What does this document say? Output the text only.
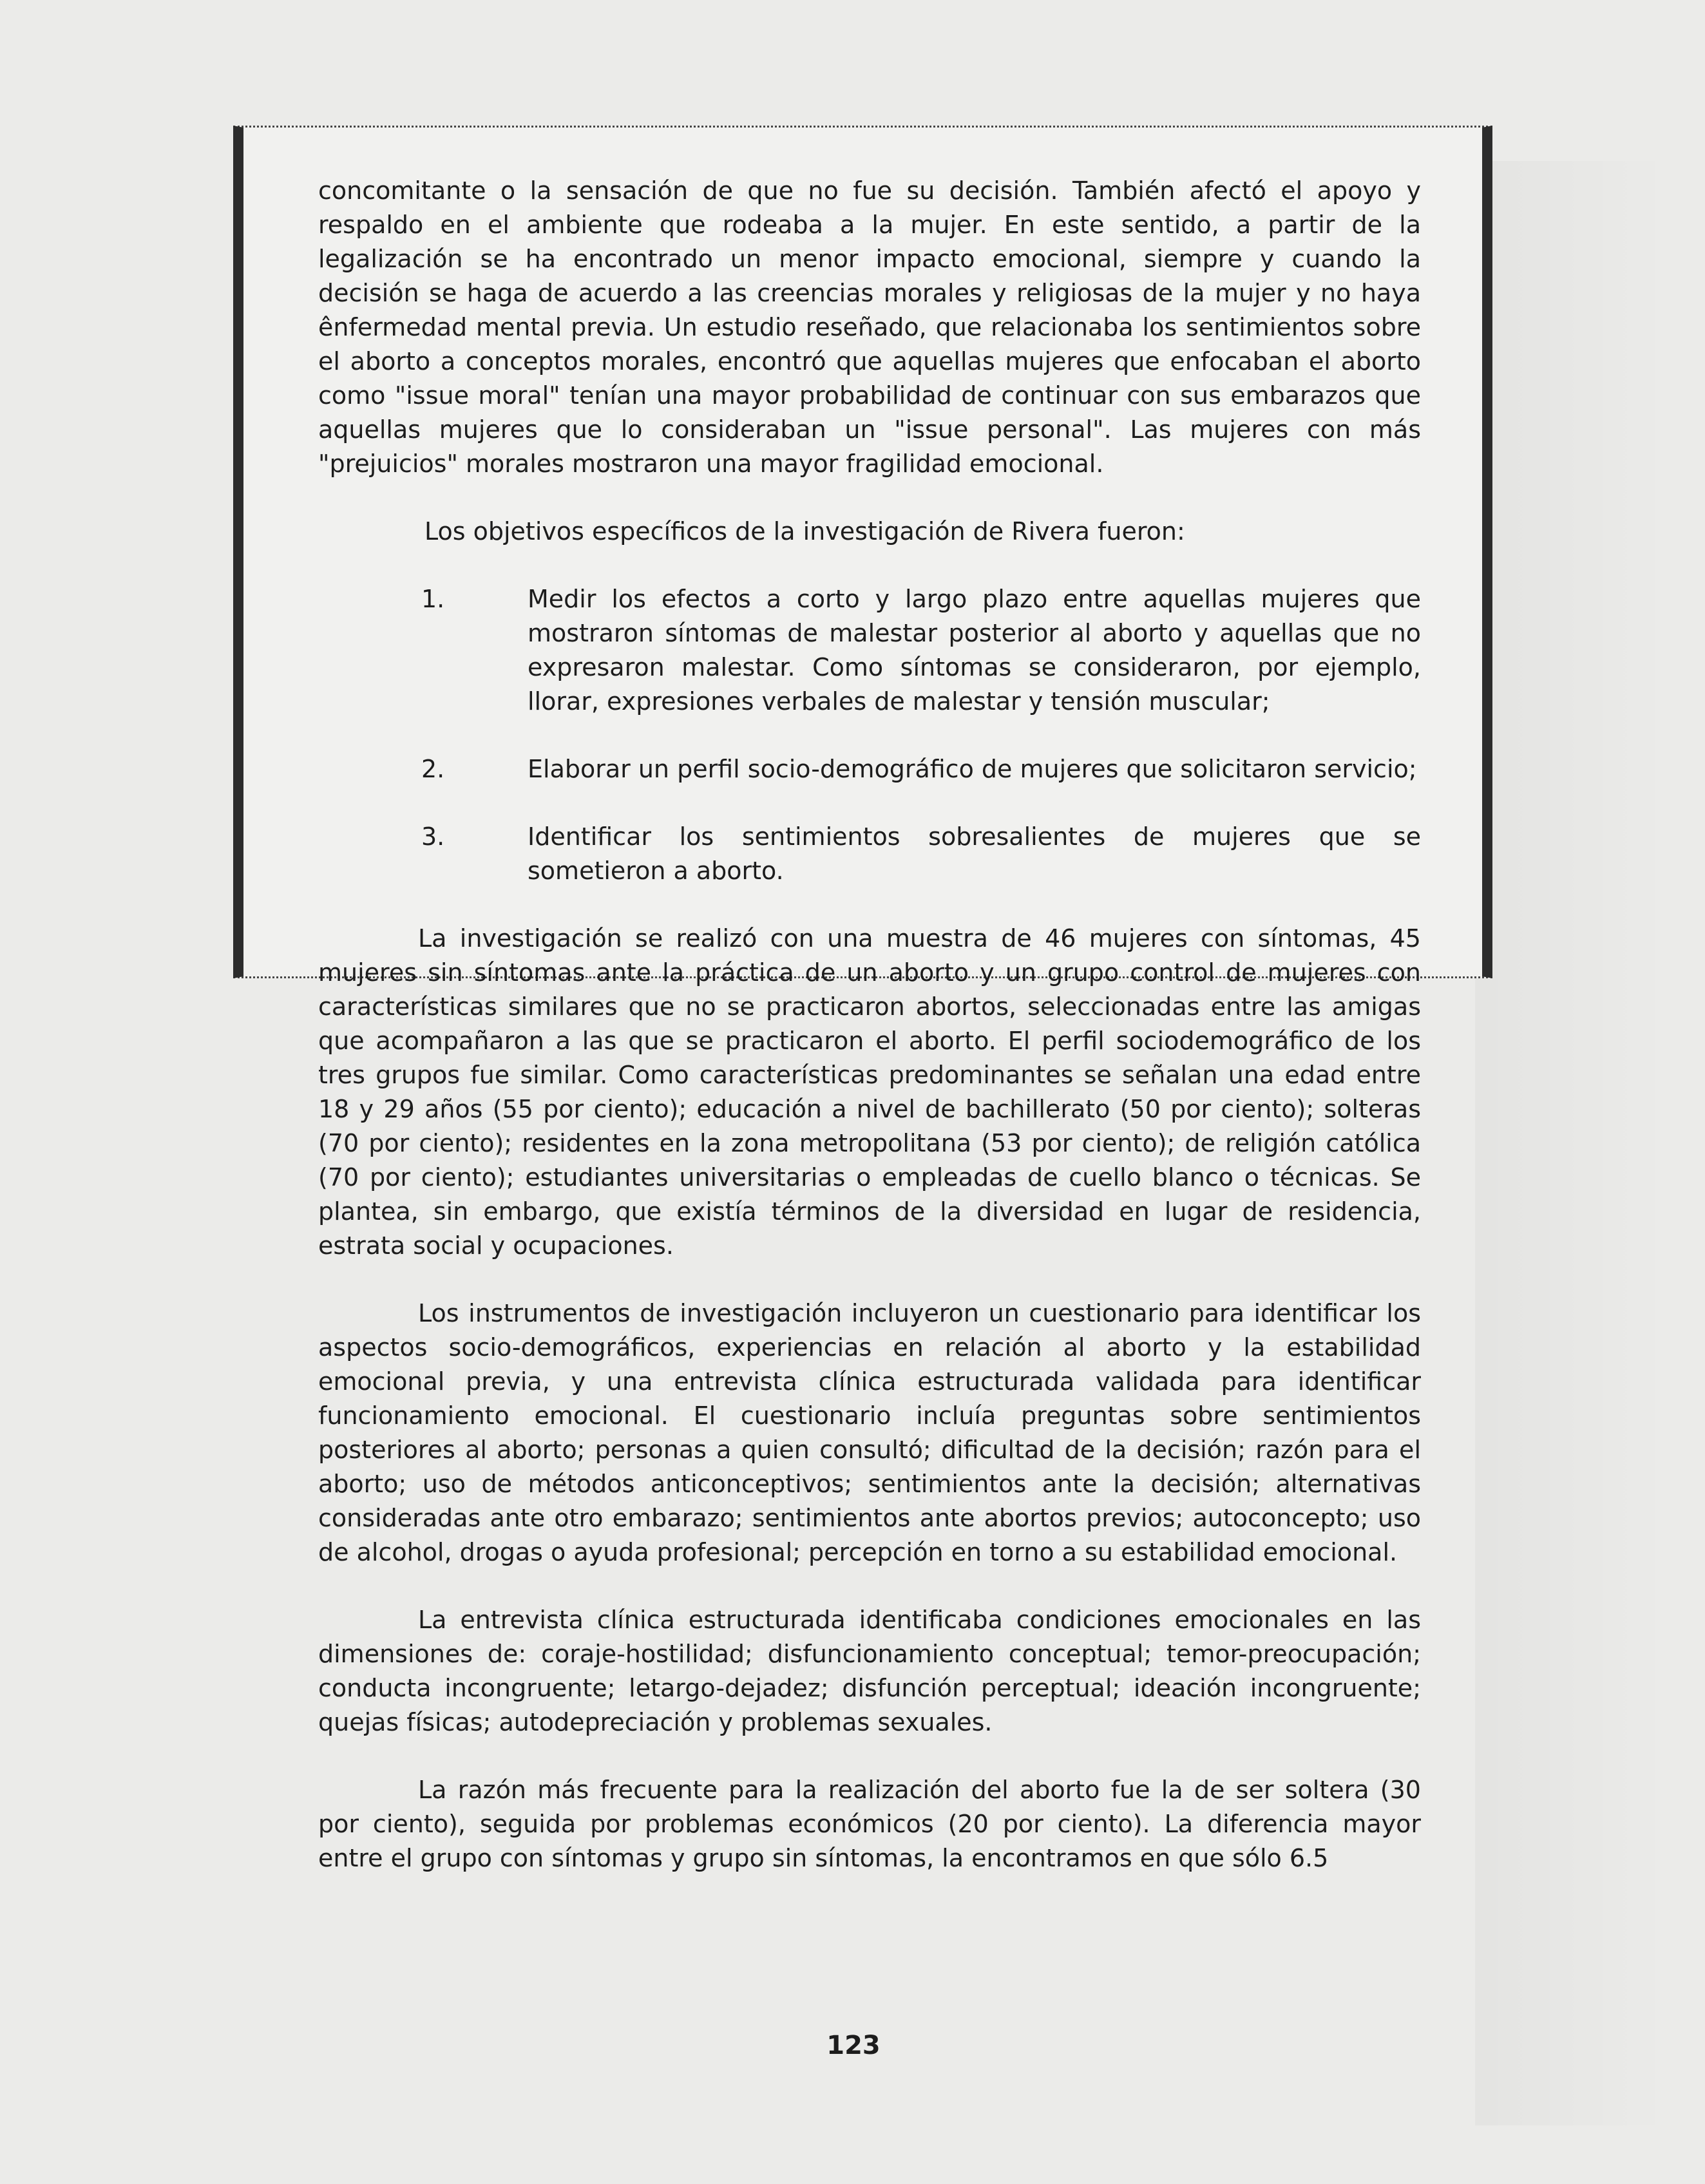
concomitante o la sensación de que no fue su decisión. También afectó el apoyo y respaldo en el ambiente que rodeaba a la mujer. En este sentido, a partir de la legalización se ha encontrado un menor impacto emocional, siempre y cuando la decisión se haga de acuerdo a las creencias morales y religiosas de la mujer y no haya ênfermedad mental previa. Un estudio reseñado, que relacionaba los sentimientos sobre el aborto a conceptos morales, encontró que aquellas mujeres que enfocaban el aborto como "issue moral" tenían una mayor probabilidad de continuar con sus embarazos que aquellas mujeres que lo consideraban un "issue personal". Las mujeres con más "prejuicios" morales mostraron una mayor fragilidad emocional.

Los objetivos específicos de la investigación de Rivera fueron:

1.	Medir los efectos a corto y largo plazo entre aquellas mujeres que mostraron síntomas de malestar posterior al aborto y aquellas que no expresaron malestar. Como síntomas se consideraron, por ejemplo, llorar, expresiones verbales de malestar y tensión muscular;
2.	Elaborar un perfil socio-demográfico de mujeres que solicitaron servicio;
3.	Identificar los sentimientos sobresalientes de mujeres que se sometieron a aborto.

La investigación se realizó con una muestra de 46 mujeres con síntomas, 45 mujeres sin síntomas ante la práctica de un aborto y un grupo control de mujeres con características similares que no se practicaron abortos, seleccionadas entre las amigas que acompañaron a las que se practicaron el aborto. El perfil sociodemográfico de los tres grupos fue similar. Como características predominantes se señalan una edad entre 18 y 29 años (55 por ciento); educación a nivel de bachillerato (50 por ciento); solteras (70 por ciento); residentes en la zona metropolitana (53 por ciento); de religión católica (70 por ciento); estudiantes universitarias o empleadas de cuello blanco o técnicas. Se plantea, sin embargo, que existía términos de la diversidad en lugar de residencia, estrata social y ocupaciones.

Los instrumentos de investigación incluyeron un cuestionario para identificar los aspectos socio-demográficos, experiencias en relación al aborto y la estabilidad emocional previa, y una entrevista clínica estructurada validada para identificar funcionamiento emocional. El cuestionario incluía preguntas sobre sentimientos posteriores al aborto; personas a quien consultó; dificultad de la decisión; razón para el aborto; uso de métodos anticonceptivos; sentimientos ante la decisión; alternativas consideradas ante otro embarazo; sentimientos ante abortos previos; autoconcepto; uso de alcohol, drogas o ayuda profesional; percepción en torno a su estabilidad emocional.

La entrevista clínica estructurada identificaba condiciones emocionales en las dimensiones de: coraje-hostilidad; disfuncionamiento conceptual; temor-preocupación; conducta incongruente; letargo-dejadez; disfunción perceptual; ideación incongruente; quejas físicas; autodepreciación y problemas sexuales.

La razón más frecuente para la realización del aborto fue la de ser soltera (30 por ciento), seguida por problemas económicos (20 por ciento). La diferencia mayor entre el grupo con síntomas y grupo sin síntomas, la encontramos en que sólo 6.5

123
